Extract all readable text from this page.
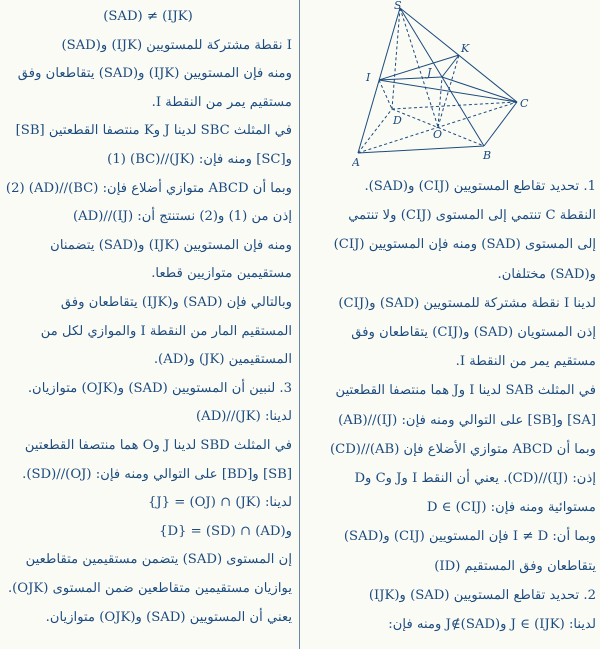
S
K
I	J
D
O
C
A
B
(SAD) ≠ (IJK)
I نقطة مشتركة للمستويين (IJK) و(SAD)
ومنه فإن المستويين (IJK) و(SAD) يتقاطعان وفق
مستقيم يمر من النقطة I.
في المثلث SBC لدينا J وK منتصفا القطعتين [SB]
و[SC] ومنه فإن: (JK)//(BC) (1)
وبما أن ABCD متوازي أضلاع فإن: (BC)//(AD) (2)
إذن من (1) و(2) نستنتج أن: (IJ)//(AD)
ومنه فإن المستويين (IJK) و(SAD) يتضمنان
مستقيمين متوازيين قطعا.
وبالتالي فإن (SAD) و(IJK) يتقاطعان وفق
المستقيم المار من النقطة I والموازي لكل من
المستقيمين (JK) و(AD).
3. لنبين أن المستويين (SAD) و(OJK) متوازيان.
لدينا: (JK)//(AD)
في المثلث SBD لدينا J وO هما منتصفا القطعتين
[SB] و[BD] على التوالي ومنه فإن: (OJ)//(SD).
لدينا: (JK) ∩ (OJ) = {J}
و(AD) ∩ (SD) = {D}
إن المستوى (SAD) يتضمن مستقيمين متقاطعين
يوازيان مستقيمين متقاطعين ضمن المستوى (OJK).
يعني أن المستويين (SAD) و(OJK) متوازيان.
1. تحديد تقاطع المستويين (CIJ) و(SAD).
النقطة C تنتمي إلى المستوى (CIJ) ولا تنتمي
إلى المستوى (SAD) ومنه فإن المستويين (CIJ)
و(SAD) مختلفان.
لدينا I نقطة مشتركة للمستويين (SAD) و(CIJ)
إذن المستويان (SAD) و(CIJ) يتقاطعان وفق
مستقيم يمر من النقطة I.
في المثلث SAB لدينا I وJ هما منتصفا القطعتين
[SA] و[SB] على التوالي ومنه فإن: (IJ)//(AB)
وبما أن ABCD متوازي الأضلاع فإن (AB)//(CD)
إذن: (IJ)//(CD). يعني أن النقط I وJ وC وD
مستوائية ومنه فإن: D ∈ (CIJ)
وبما أن: I ≠ D فإن المستويين (CIJ) و(SAD)
يتقاطعان وفق المستقيم (ID)
2. تحديد تقاطع المستويين (SAD) و(IJK)
لدينا: J ∈ (IJK) وJ∉(SAD) ومنه فإن:
